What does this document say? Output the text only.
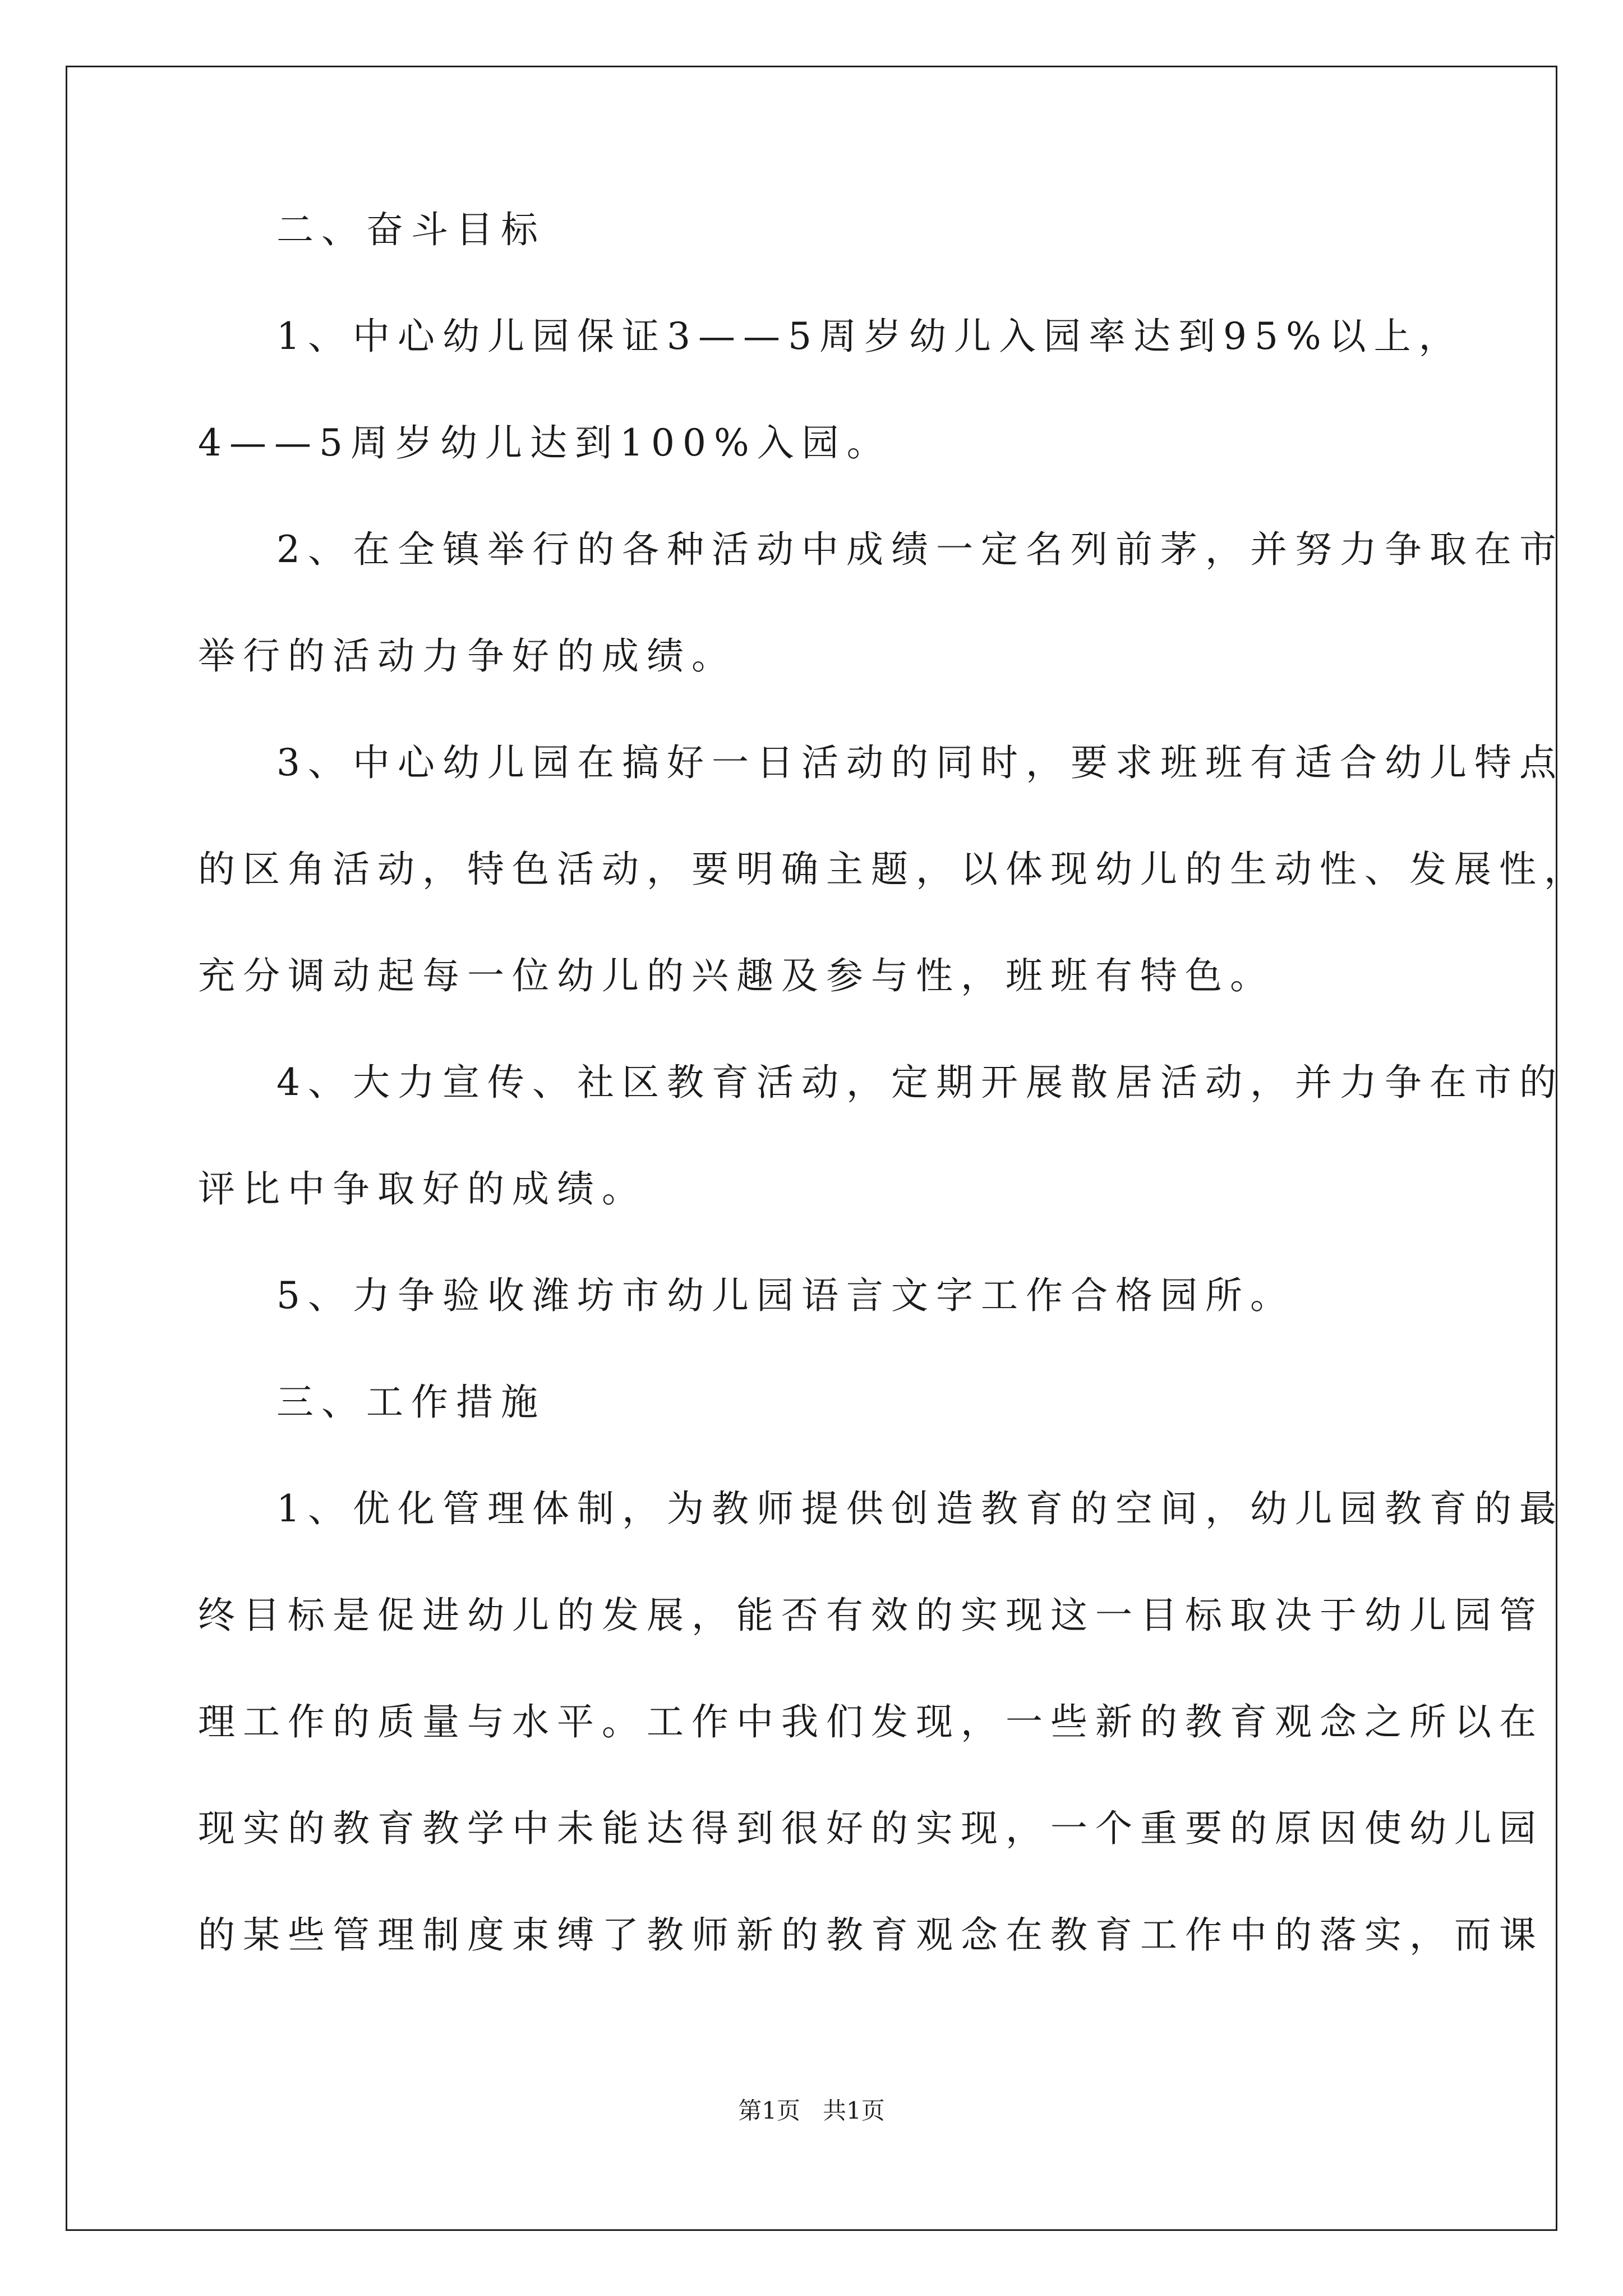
二、奋斗目标
1、中心幼儿园保证3——5周岁幼儿入园率达到95%以上，
4——5周岁幼儿达到100%入园。
2、在全镇举行的各种活动中成绩一定名列前茅，并努力争取在市
举行的活动力争好的成绩。
3、中心幼儿园在搞好一日活动的同时，要求班班有适合幼儿特点
的区角活动，特色活动，要明确主题，以体现幼儿的生动性、发展性，
充分调动起每一位幼儿的兴趣及参与性，班班有特色。
4、大力宣传、社区教育活动，定期开展散居活动，并力争在市的
评比中争取好的成绩。
5、力争验收潍坊市幼儿园语言文字工作合格园所。
三、工作措施
1、优化管理体制，为教师提供创造教育的空间，幼儿园教育的最
终目标是促进幼儿的发展，能否有效的实现这一目标取决于幼儿园管
理工作的质量与水平。工作中我们发现，一些新的教育观念之所以在
现实的教育教学中未能达得到很好的实现，一个重要的原因使幼儿园
的某些管理制度束缚了教师新的教育观念在教育工作中的落实，而课
第1页   共1页
